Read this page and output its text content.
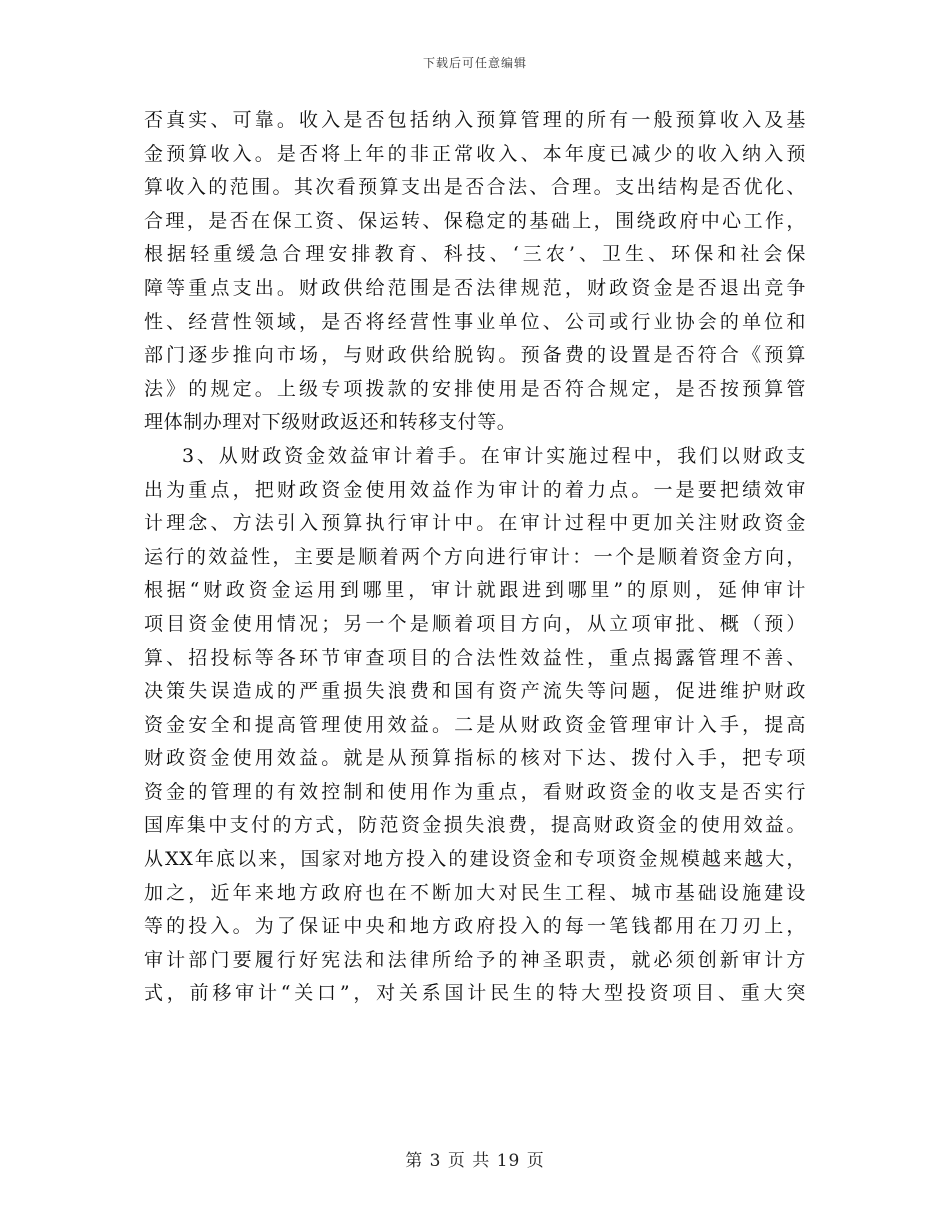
下载后可任意编辑
否真实、可靠。收入是否包括纳入预算管理的所有一般预算收入及基
金预算收入。是否将上年的非正常收入、本年度已减少的收入纳入预
算收入的范围。其次看预算支出是否合法、合理。支出结构是否优化、
合理，是否在保工资、保运转、保稳定的基础上，围绕政府中心工作，
根据轻重缓急合理安排教育、科技、‘三农’、卫生、环保和社会保
障等重点支出。财政供给范围是否法律规范，财政资金是否退出竞争
性、经营性领域，是否将经营性事业单位、公司或行业协会的单位和
部门逐步推向市场，与财政供给脱钩。预备费的设置是否符合《预算
法》的规定。上级专项拨款的安排使用是否符合规定，是否按预算管
理体制办理对下级财政返还和转移支付等。
3、从财政资金效益审计着手。在审计实施过程中，我们以财政支
出为重点，把财政资金使用效益作为审计的着力点。一是要把绩效审
计理念、方法引入预算执行审计中。在审计过程中更加关注财政资金
运行的效益性，主要是顺着两个方向进行审计：一个是顺着资金方向，
根据“财政资金运用到哪里，审计就跟进到哪里”的原则，延伸审计
项目资金使用情况；另一个是顺着项目方向，从立项审批、概（预）
算、招投标等各环节审查项目的合法性效益性，重点揭露管理不善、
决策失误造成的严重损失浪费和国有资产流失等问题，促进维护财政
资金安全和提高管理使用效益。二是从财政资金管理审计入手，提高
财政资金使用效益。就是从预算指标的核对下达、拨付入手，把专项
资金的管理的有效控制和使用作为重点，看财政资金的收支是否实行
国库集中支付的方式，防范资金损失浪费，提高财政资金的使用效益。
从XX年底以来，国家对地方投入的建设资金和专项资金规模越来越大，
加之，近年来地方政府也在不断加大对民生工程、城市基础设施建设
等的投入。为了保证中央和地方政府投入的每一笔钱都用在刀刃上，
审计部门要履行好宪法和法律所给予的神圣职责，就必须创新审计方
式，前移审计“关口”，对关系国计民生的特大型投资项目、重大突
第 3 页 共 19 页
